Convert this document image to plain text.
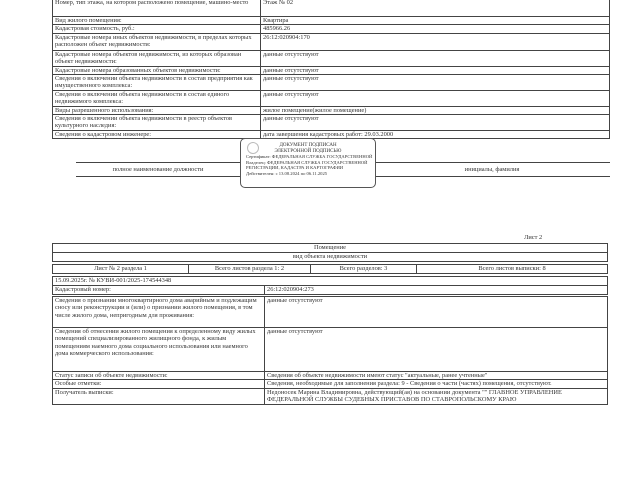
Номер, тип этажа, на котором расположено помещение, машино-место	Этаж № 02
Вид жилого помещения:	Квартира
Кадастровая стоимость, руб.:	485966.26
Кадастровые номера иных объектов недвижимости, в пределах которых расположен объект недвижимости:	26:12:020904:170
Кадастровые номера объектов недвижимости, из которых образован объект недвижимости:	данные отсутствуют
Кадастровые номера образованных объектов недвижимости:	данные отсутствуют
Сведения о включении объекта недвижимости в состав предприятия как имущественного комплекса:	данные отсутствуют
Сведения о включении объекта недвижимости в состав единого недвижимого комплекса:	данные отсутствуют
Виды разрешенного использования:	жилое помещение(жилое помещение)
Сведения о включении объекта недвижимости в реестр объектов культурного наследия:	данные отсутствуют
Сведения о кадастровом инженере:	дата завершения кадастровых работ: 29.03.2000
полное наименование должности	инициалы, фамилия
ДОКУМЕНТ ПОДПИСАН
ЭЛЕКТРОННОЙ ПОДПИСЬЮ
Сертификат: ФЕДЕРАЛЬНАЯ СЛУЖБА ГОСУДАРСТВЕННОЙ
Владелец: ФЕДЕРАЛЬНАЯ СЛУЖБА ГОСУДАРСТВЕННОЙ
РЕГИСТРАЦИИ, КАДАСТРА И КАРТОГРАФИИ
Действителен: с 13.08.2024 по 06.11.2025
Лист 2
Помещение
вид объекта недвижимости
Лист № 2 раздела 1	Всего листов раздела 1: 2	Всего разделов: 3	Всего листов выписки: 8
15.09.2025г. № КУВИ-001/2025-174544348
Кадастровый номер:	26:12:020904:273
Сведения о признании многоквартирного дома аварийным и подлежащим сносу или реконструкции и (или) о признании жилого помещения, в том числе жилого дома, непригодным для проживания:	данные отсутствуют
Сведения об отнесении жилого помещения к определенному виду жилых помещений специализированного жилищного фонда, к жилым помещениям наемного дома социального использования или наемного дома коммерческого использования:	данные отсутствуют
Статус записи об объекте недвижимости:	Сведения об объекте недвижимости имеют статус "актуальные, ранее учтенные"
Особые отметки:	Сведения, необходимые для заполнения раздела: 9 - Сведения о части (частях) помещения, отсутствуют.
Получатель выписки:	Недоносек Марина Владимировна, действующий(ая) на основании документа "" ГЛАВНОЕ УПРАВЛЕНИЕ ФЕДЕРАЛЬНОЙ СЛУЖБЫ СУДЕБНЫХ ПРИСТАВОВ ПО СТАВРОПОЛЬСКОМУ КРАЮ
